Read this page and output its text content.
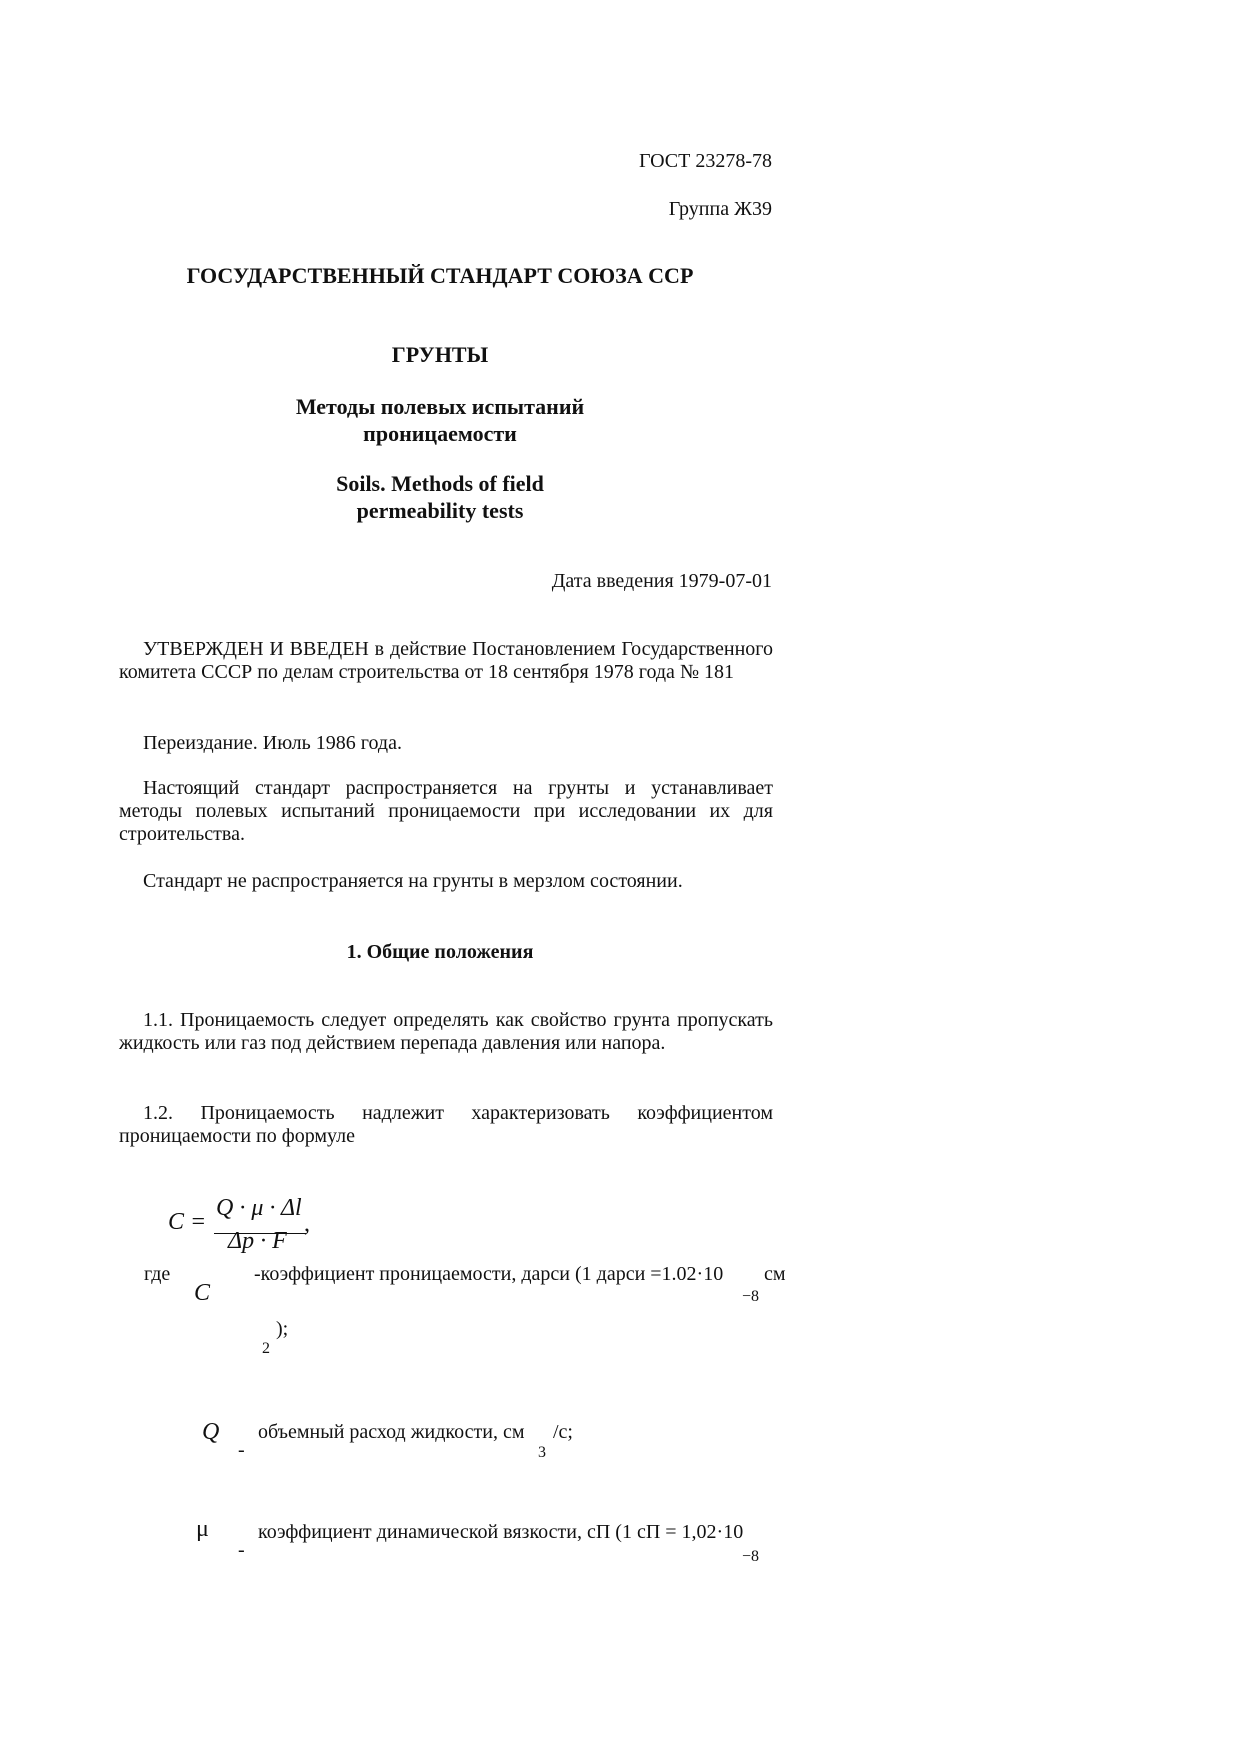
ГОСТ 23278-78
Группа Ж39
ГОСУДАРСТВЕННЫЙ СТАНДАРТ СОЮЗА ССР
ГРУНТЫ
Методы полевых испытаний
проницаемости
Soils. Methods of field
permeability tests
Дата введения 1979-07-01
УТВЕРЖДЕН И ВВЕДЕН в действие Постановлением Государственного комитета СССР по делам строительства от 18 сентября 1978 года № 181
Переиздание. Июль 1986 года.
Настоящий стандарт распространяется на грунты и устанавливает методы полевых испытаний проницаемости при исследовании их для строительства.
Стандарт не распространяется на грунты в мерзлом состоянии.
1. Общие положения
1.1. Проницаемость следует определять как свойство грунта пропускать жидкость или газ под действием перепада давления или напора.
1.2. Проницаемость надлежит характеризовать коэффициентом проницаемости по формуле
C =
Q · μ · Δl
Δp · F
,
где
C
-коэффициент проницаемости, дарси (1 дарси =1.02·10 см
−8
);
2
Q
-
объемный расход жидкости, см
3
/с;
μ
-
коэффициент динамической вязкости, сП (1 сП = 1,02·10
−8
